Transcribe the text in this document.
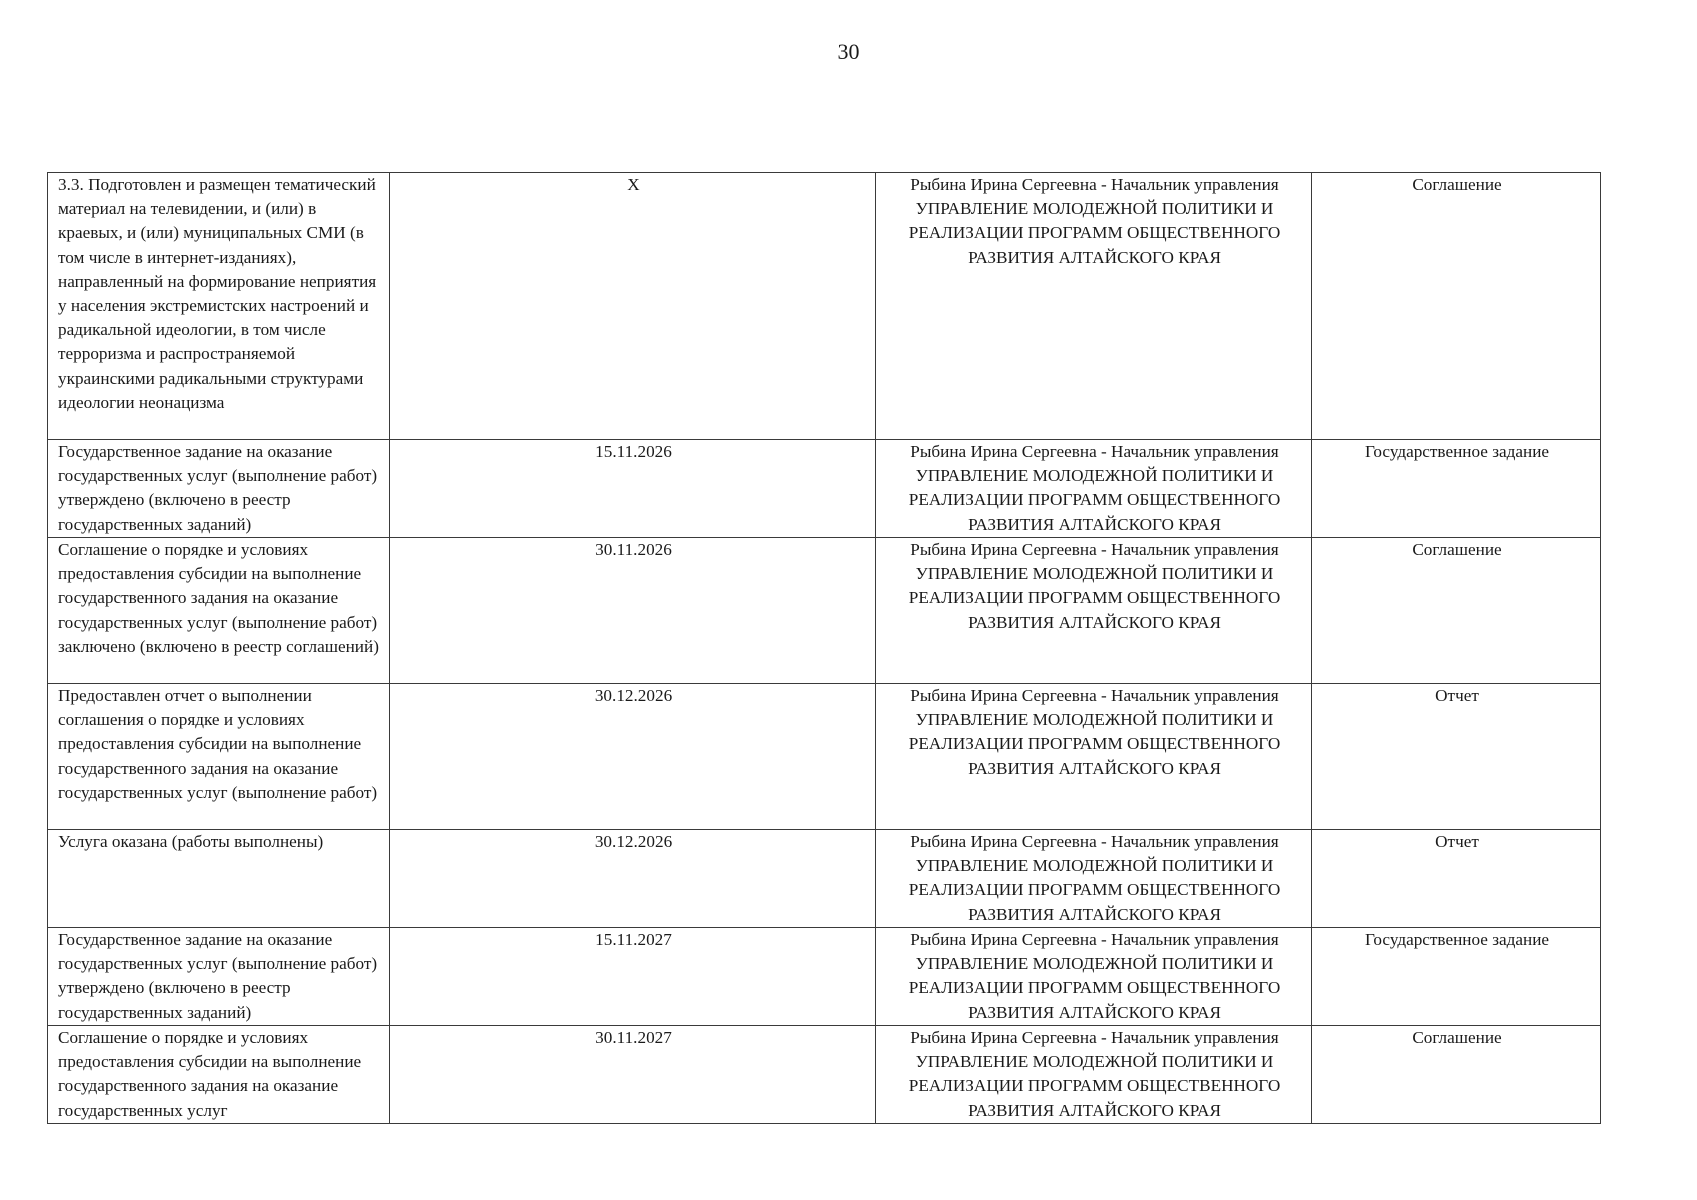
30
3.3. Подготовлен и размещен тематический материал на телевидении, и (или) в краевых, и (или) муниципальных СМИ (в том числе в интернет-изданиях), направленный на формирование неприятия у населения экстремистских настроений и радикальной идеологии, в том числе терроризма и распространяемой украинскими радикальными структурами идеологии неонацизма	X	Рыбина Ирина Сергеевна - Начальник управления УПРАВЛЕНИЕ МОЛОДЕЖНОЙ ПОЛИТИКИ И РЕАЛИЗАЦИИ ПРОГРАММ ОБЩЕСТВЕННОГО РАЗВИТИЯ АЛТАЙСКОГО КРАЯ	Соглашение
Государственное задание на оказание государственных услуг (выполнение работ) утверждено (включено в реестр государственных заданий)	15.11.2026	Рыбина Ирина Сергеевна - Начальник управления УПРАВЛЕНИЕ МОЛОДЕЖНОЙ ПОЛИТИКИ И РЕАЛИЗАЦИИ ПРОГРАММ ОБЩЕСТВЕННОГО РАЗВИТИЯ АЛТАЙСКОГО КРАЯ	Государственное задание
Соглашение о порядке и условиях предоставления субсидии на выполнение государственного задания на оказание государственных услуг (выполнение работ) заключено (включено в реестр соглашений)	30.11.2026	Рыбина Ирина Сергеевна - Начальник управления УПРАВЛЕНИЕ МОЛОДЕЖНОЙ ПОЛИТИКИ И РЕАЛИЗАЦИИ ПРОГРАММ ОБЩЕСТВЕННОГО РАЗВИТИЯ АЛТАЙСКОГО КРАЯ	Соглашение
Предоставлен отчет о выполнении соглашения о порядке и условиях предоставления субсидии на выполнение государственного задания на оказание государственных услуг (выполнение работ)	30.12.2026	Рыбина Ирина Сергеевна - Начальник управления УПРАВЛЕНИЕ МОЛОДЕЖНОЙ ПОЛИТИКИ И РЕАЛИЗАЦИИ ПРОГРАММ ОБЩЕСТВЕННОГО РАЗВИТИЯ АЛТАЙСКОГО КРАЯ	Отчет
Услуга оказана (работы выполнены)	30.12.2026	Рыбина Ирина Сергеевна - Начальник управления УПРАВЛЕНИЕ МОЛОДЕЖНОЙ ПОЛИТИКИ И РЕАЛИЗАЦИИ ПРОГРАММ ОБЩЕСТВЕННОГО РАЗВИТИЯ АЛТАЙСКОГО КРАЯ	Отчет
Государственное задание на оказание государственных услуг (выполнение работ) утверждено (включено в реестр государственных заданий)	15.11.2027	Рыбина Ирина Сергеевна - Начальник управления УПРАВЛЕНИЕ МОЛОДЕЖНОЙ ПОЛИТИКИ И РЕАЛИЗАЦИИ ПРОГРАММ ОБЩЕСТВЕННОГО РАЗВИТИЯ АЛТАЙСКОГО КРАЯ	Государственное задание
Соглашение о порядке и условиях предоставления субсидии на выполнение государственного задания на оказание государственных услуг	30.11.2027	Рыбина Ирина Сергеевна - Начальник управления УПРАВЛЕНИЕ МОЛОДЕЖНОЙ ПОЛИТИКИ И РЕАЛИЗАЦИИ ПРОГРАММ ОБЩЕСТВЕННОГО РАЗВИТИЯ АЛТАЙСКОГО КРАЯ	Соглашение
